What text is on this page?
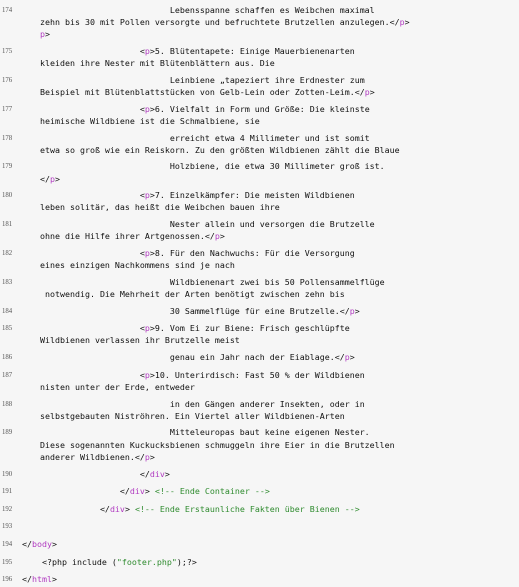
174	Lebensspanne schaffen es Weibchen maximal
zehn bis 30 mit Pollen versorgte und befruchtete Brutzellen anzulegen.</p>
p>
175	<p>5. Blütentapete: Einige Mauerbienenarten
kleiden ihre Nester mit Blütenblättern aus. Die
176	Leinbiene „tapeziert ihre Erdnester zum
Beispiel mit Blütenblattstücken von Gelb-Lein oder Zotten-Leim.</p>
177	<p>6. Vielfalt in Form und Größe: Die kleinste
heimische Wildbiene ist die Schmalbiene, sie
178	erreicht etwa 4 Millimeter und ist somit
etwa so groß wie ein Reiskorn. Zu den größten Wildbienen zählt die Blaue
179	Holzbiene, die etwa 30 Millimeter groß ist.
</p>
180	<p>7. Einzelkämpfer: Die meisten Wildbienen
leben solitär, das heißt die Weibchen bauen ihre
181	Nester allein und versorgen die Brutzelle
ohne die Hilfe ihrer Artgenossen.</p>
182	<p>8. Für den Nachwuchs: Für die Versorgung
eines einzigen Nachkommens sind je nach
183	Wildbienenart zwei bis 50 Pollensammelflüge
notwendig. Die Mehrheit der Arten benötigt zwischen zehn bis
184	30 Sammelflüge für eine Brutzelle.</p>
185	<p>9. Vom Ei zur Biene: Frisch geschlüpfte
Wildbienen verlassen ihr Brutzelle meist
186	genau ein Jahr nach der Eiablage.</p>
187	<p>10. Unterirdisch: Fast 50 % der Wildbienen
nisten unter der Erde, entweder
188	in den Gängen anderer Insekten, oder in
selbstgebauten Niströhren. Ein Viertel aller Wildbienen-Arten
189	Mitteleuropas baut keine eigenen Nester.
Diese sogenannten Kuckucksbienen schmuggeln ihre Eier in die Brutzellen
anderer Wildbienen.</p>
190	</div>
191	</div> <!-- Ende Container -->
192	</div> <!-- Ende Erstaunliche Fakten über Bienen -->
193
194	</body>
195	<?php include ("footer.php");?>
196	</html>
